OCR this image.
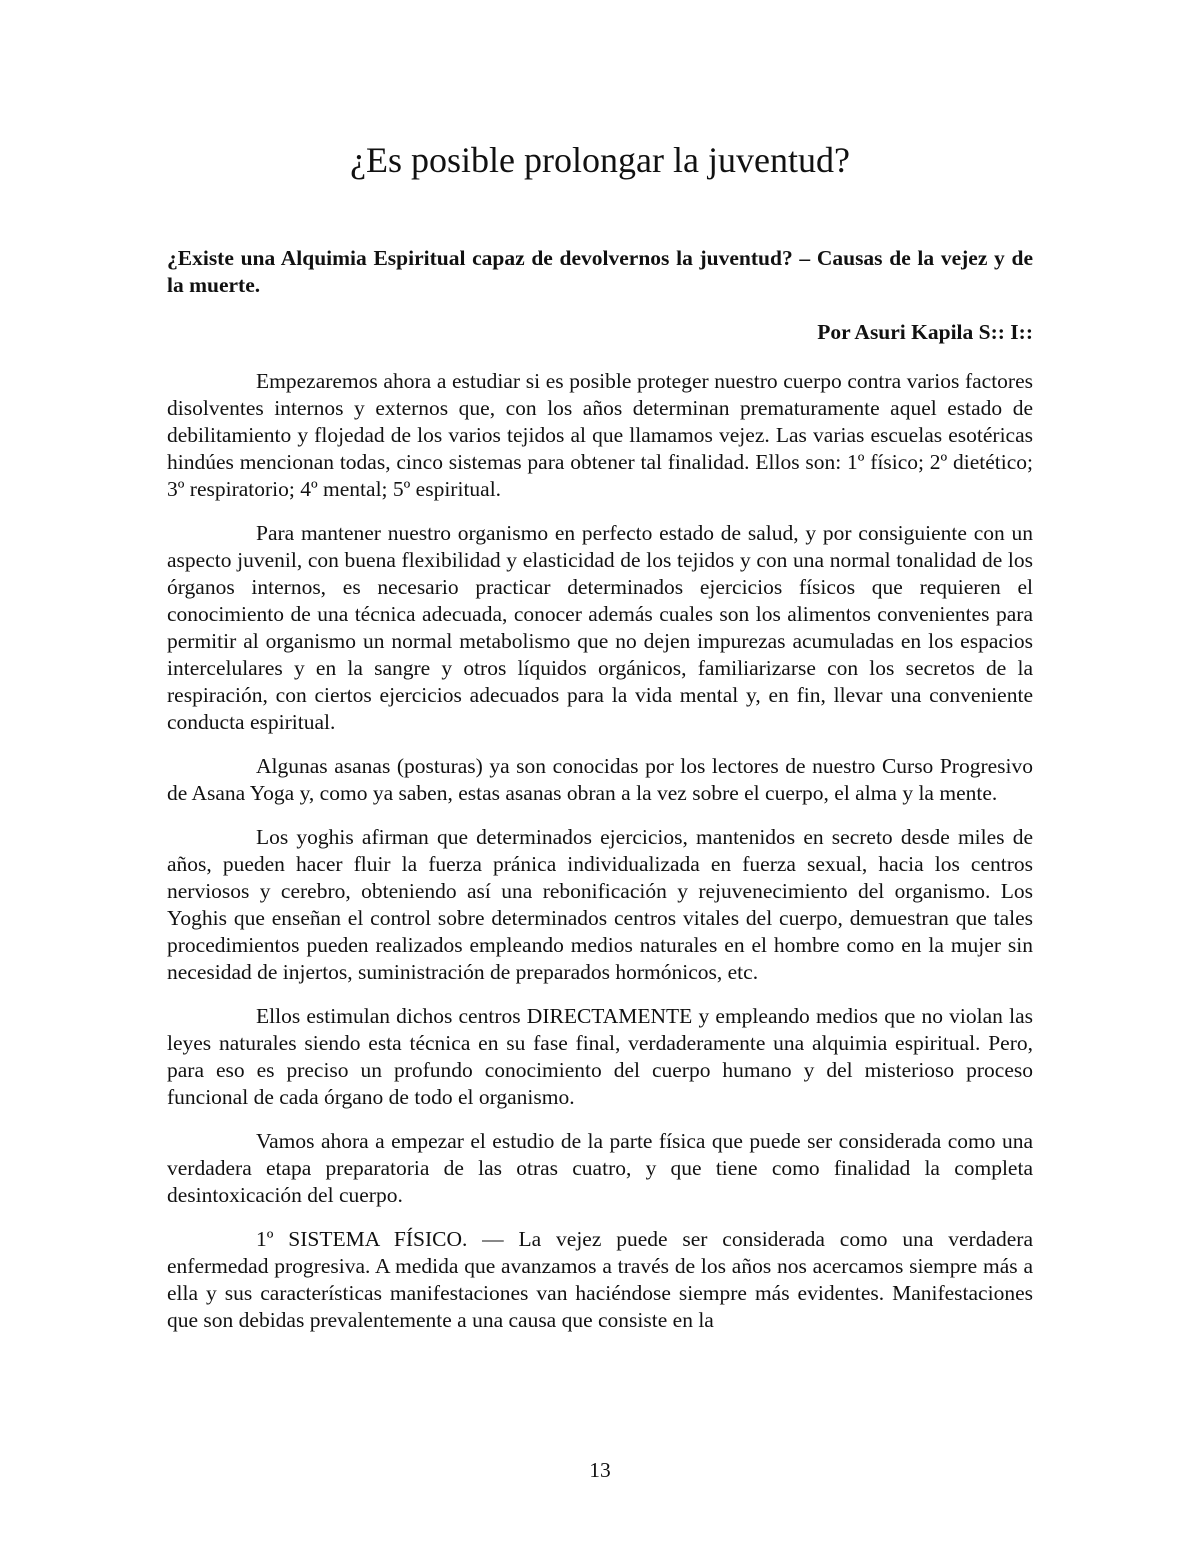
¿Es posible prolongar la juventud?

¿Existe una Alquimia Espiritual capaz de devolvernos la juventud? – Causas de la vejez y de la muerte.

Por Asuri Kapila S:: I::

Empezaremos ahora a estudiar si es posible proteger nuestro cuerpo contra varios factores disolventes internos y externos que, con los años determinan prematuramente aquel estado de debilitamiento y flojedad de los varios tejidos al que llamamos vejez. Las varias escuelas esotéricas hindúes mencionan todas, cinco sistemas para obtener tal finalidad. Ellos son: 1º físico; 2º dietético; 3º respiratorio; 4º mental; 5º espiritual.

Para mantener nuestro organismo en perfecto estado de salud, y por consiguiente con un aspecto juvenil, con buena flexibilidad y elasticidad de los tejidos y con una normal tonalidad de los órganos internos, es necesario practicar determinados ejercicios físicos que requieren el conocimiento de una técnica adecuada, conocer además cuales son los alimentos convenientes para permitir al organismo un normal metabolismo que no dejen impurezas acumuladas en los espacios intercelulares y en la sangre y otros líquidos orgánicos, familiarizarse con los secretos de la respiración, con ciertos ejercicios adecuados para la vida mental y, en fin, llevar una conveniente conducta espiritual.

Algunas asanas (posturas) ya son conocidas por los lectores de nuestro Curso Progresivo de Asana Yoga y, como ya saben, estas asanas obran a la vez sobre el cuerpo, el alma y la mente.

Los yoghis afirman que determinados ejercicios, mantenidos en secreto desde miles de años, pueden hacer fluir la fuerza pránica individualizada en fuerza sexual, hacia los centros nerviosos y cerebro, obteniendo así una rebonificación y rejuvenecimiento del organismo. Los Yoghis que enseñan el control sobre determinados centros vitales del cuerpo, demuestran que tales procedimientos pueden realizados empleando medios naturales en el hombre como en la mujer sin necesidad de injertos, suministración de preparados hormónicos, etc.

Ellos estimulan dichos centros DIRECTAMENTE y empleando medios que no violan las leyes naturales siendo esta técnica en su fase final, verdaderamente una alquimia espiritual. Pero, para eso es preciso un profundo conocimiento del cuerpo humano y del misterioso proceso funcional de cada órgano de todo el organismo.

Vamos ahora a empezar el estudio de la parte física que puede ser considerada como una verdadera etapa preparatoria de las otras cuatro, y que tiene como finalidad la completa desintoxicación del cuerpo.

1º SISTEMA FÍSICO. — La vejez puede ser considerada como una verdadera enfermedad progresiva. A medida que avanzamos a través de los años nos acercamos siempre más a ella y sus características manifestaciones van haciéndose siempre más evidentes. Manifestaciones que son debidas prevalentemente a una causa que consiste en la

13
